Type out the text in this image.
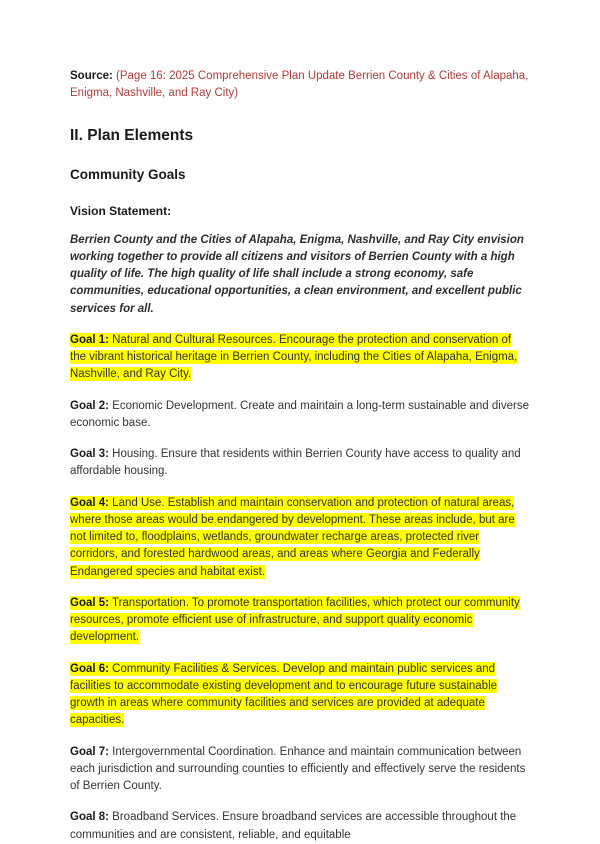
Source: (Page 16: 2025 Comprehensive Plan Update Berrien County & Cities of Alapaha, Enigma, Nashville, and Ray City)

II. Plan Elements
Community Goals
Vision Statement:

Berrien County and the Cities of Alapaha, Enigma, Nashville, and Ray City envision working together to provide all citizens and visitors of Berrien County with a high quality of life. The high quality of life shall include a strong economy, safe communities, educational opportunities, a clean environment, and excellent public services for all.

Goal 1: Natural and Cultural Resources. Encourage the protection and conservation of the vibrant historical heritage in Berrien County, including the Cities of Alapaha, Enigma, Nashville, and Ray City.

Goal 2: Economic Development. Create and maintain a long-term sustainable and diverse economic base.

Goal 3: Housing. Ensure that residents within Berrien County have access to quality and affordable housing.

Goal 4: Land Use. Establish and maintain conservation and protection of natural areas, where those areas would be endangered by development. These areas include, but are not limited to, floodplains, wetlands, groundwater recharge areas, protected river corridors, and forested hardwood areas, and areas where Georgia and Federally Endangered species and habitat exist.

Goal 5: Transportation. To promote transportation facilities, which protect our community resources, promote efficient use of infrastructure, and support quality economic development.

Goal 6: Community Facilities & Services. Develop and maintain public services and facilities to accommodate existing development and to encourage future sustainable growth in areas where community facilities and services are provided at adequate capacities.

Goal 7: Intergovernmental Coordination. Enhance and maintain communication between each jurisdiction and surrounding counties to efficiently and effectively serve the residents of Berrien County.

Goal 8: Broadband Services. Ensure broadband services are accessible throughout the communities and are consistent, reliable, and equitable
